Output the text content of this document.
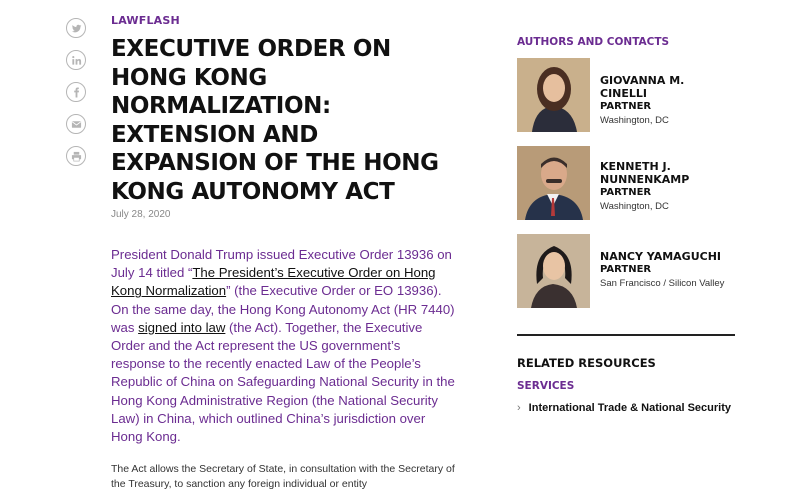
LAWFLASH
EXECUTIVE ORDER ON HONG KONG NORMALIZATION: EXTENSION AND EXPANSION OF THE HONG KONG AUTONOMY ACT
July 28, 2020

President Donald Trump issued Executive Order 13936 on July 14 titled “The President’s Executive Order on Hong Kong Normalization” (the Executive Order or EO 13936). On the same day, the Hong Kong Autonomy Act (HR 7440) was signed into law (the Act). Together, the Executive Order and the Act represent the US government’s response to the recently enacted Law of the People’s Republic of China on Safeguarding National Security in the Hong Kong Administrative Region (the National Security Law) in China, which outlined China’s jurisdiction over Hong Kong.

The Act allows the Secretary of State, in consultation with the Secretary of the Treasury, to sanction any foreign individual or entity

AUTHORS AND CONTACTS
GIOVANNA M. CINELLI
PARTNER
Washington, DC
KENNETH J. NUNNENKAMP
PARTNER
Washington, DC
NANCY YAMAGUCHI
PARTNER
San Francisco / Silicon Valley
RELATED RESOURCES
SERVICES
› International Trade & National Security
